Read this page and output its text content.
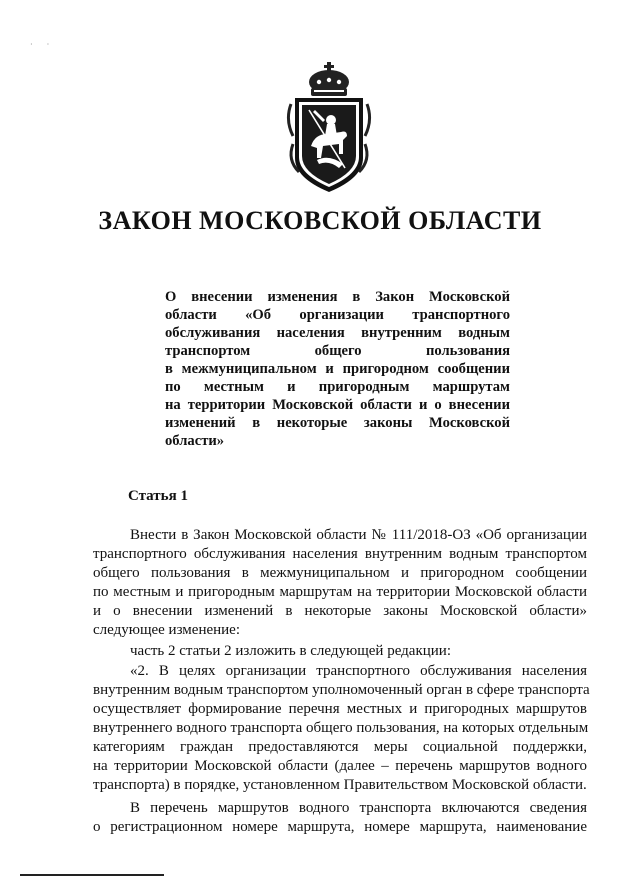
· ·
ЗАКОН МОСКОВСКОЙ ОБЛАСТИ
О внесении изменения в Закон Московской
области «Об организации транспортного
обслуживания населения внутренним водным
транспортом общего пользования
в межмуниципальном и пригородном сообщении
по местным и пригородным маршрутам
на территории Московской области и о внесении
изменений в некоторые законы Московской
области»
Статья 1
Внести в Закон Московской области № 111/2018-ОЗ «Об организации
транспортного обслуживания населения внутренним водным транспортом
общего пользования в межмуниципальном и пригородном сообщении
по местным и пригородным маршрутам на территории Московской области
и о внесении изменений в некоторые законы Московской области»
следующее изменение:
часть 2 статьи 2 изложить в следующей редакции:
«2. В целях организации транспортного обслуживания населения
внутренним водным транспортом уполномоченный орган в сфере транспорта
осуществляет формирование перечня местных и пригородных маршрутов
внутреннего водного транспорта общего пользования, на которых отдельным
категориям граждан предоставляются меры социальной поддержки,
на территории Московской области (далее – перечень маршрутов водного
транспорта) в порядке, установленном Правительством Московской области.
В перечень маршрутов водного транспорта включаются сведения
о регистрационном номере маршрута, номере маршрута, наименование
